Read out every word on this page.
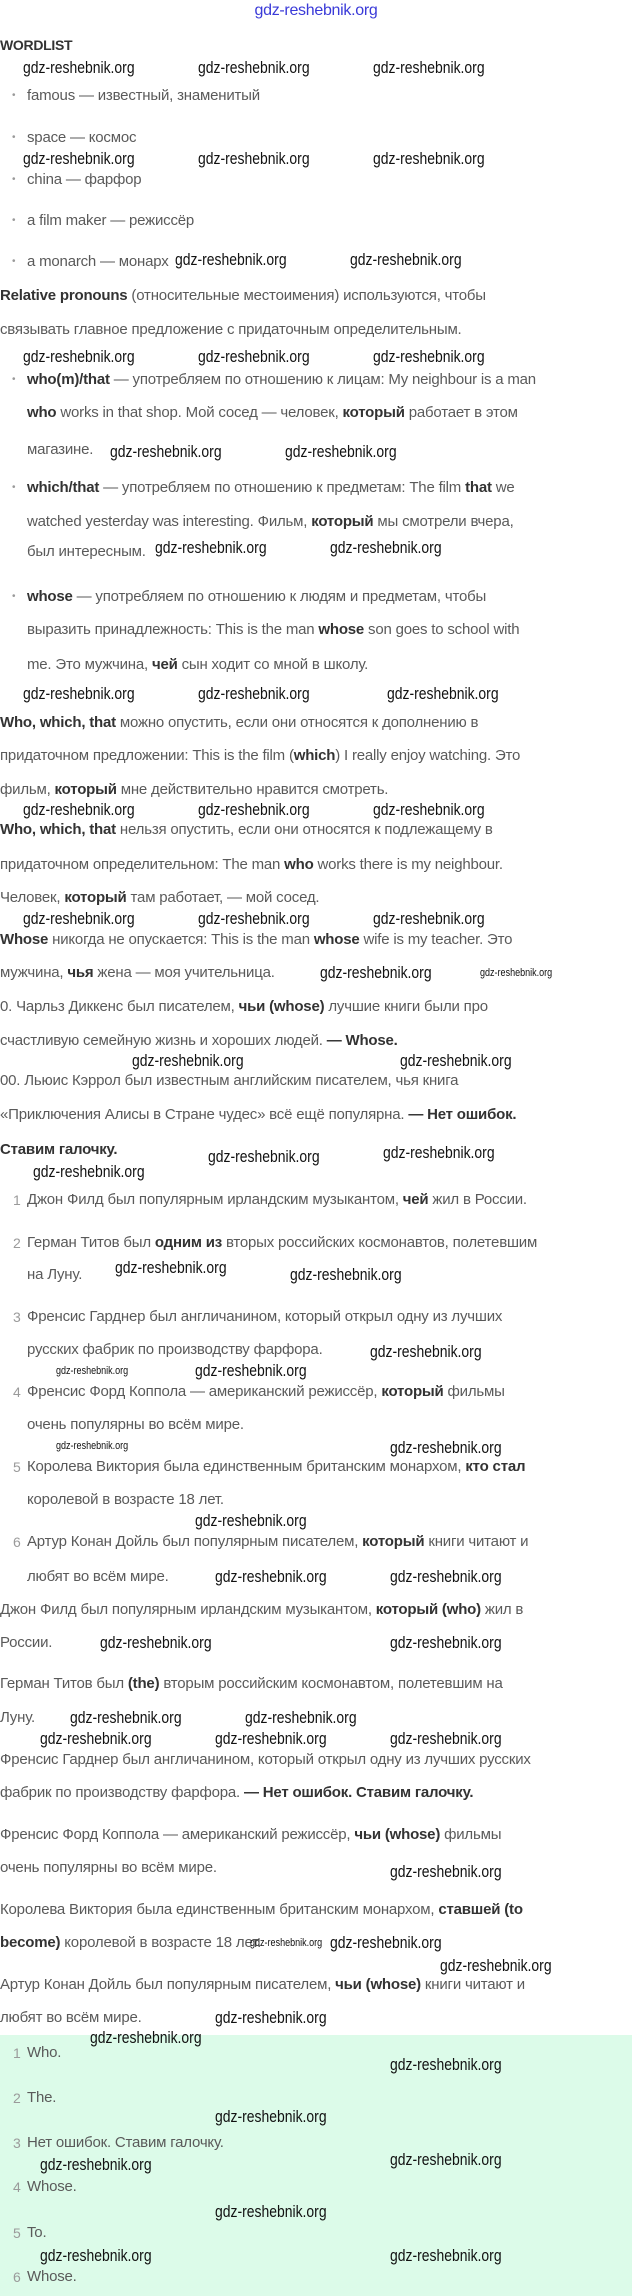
gdz-reshebnik.org
WORDLIST
• famous — известный, знаменитый
• space — космос
• china — фарфор
• a film maker — режиссёр
• a monarch — монарх
Relative pronouns (относительные местоимения) используются, чтобы
связывать главное предложение с придаточным определительным.
• who(m)/that — употребляем по отношению к лицам: My neighbour is a man
who works in that shop. Мой сосед — человек, который работает в этом
магазине.
• which/that — употребляем по отношению к предметам: The film that we
watched yesterday was interesting. Фильм, который мы смотрели вчера,
был интересным.
• whose — употребляем по отношению к людям и предметам, чтобы
выразить принадлежность: This is the man whose son goes to school with
me. Это мужчина, чей сын ходит со мной в школу.
Who, which, that можно опустить, если они относятся к дополнению в
придаточном предложении: This is the film (which) I really enjoy watching. Это
фильм, который мне действительно нравится смотреть.
Who, which, that нельзя опустить, если они относятся к подлежащему в
придаточном определительном: The man who works there is my neighbour.
Человек, который там работает, — мой сосед.
Whose никогда не опускается: This is the man whose wife is my teacher. Это
мужчина, чья жена — моя учительница.
0. Чарльз Диккенс был писателем, чьи (whose) лучшие книги были про
счастливую семейную жизнь и хороших людей. — Whose.
00. Льюис Кэррол был известным английским писателем, чья книга
«Приключения Алисы в Стране чудес» всё ещё популярна. — Нет ошибок.
Ставим галочку.
1 Джон Филд был популярным ирландским музыкантом, чей жил в России.
2 Герман Титов был одним из вторых российских космонавтов, полетевшим
на Луну.
3 Френсис Гарднер был англичанином, который открыл одну из лучших
русских фабрик по производству фарфора.
4 Френсис Форд Коппола — американский режиссёр, который фильмы
очень популярны во всём мире.
5 Королева Виктория была единственным британским монархом, кто стал
королевой в возрасте 18 лет.
6 Артур Конан Дойль был популярным писателем, который книги читают и
любят во всём мире.
Джон Филд был популярным ирландским музыкантом, который (who) жил в
России.
Герман Титов был (the) вторым российским космонавтом, полетевшим на
Луну.
Френсис Гарднер был англичанином, который открыл одну из лучших русских
фабрик по производству фарфора. — Нет ошибок. Ставим галочку.
Френсис Форд Коппола — американский режиссёр, чьи (whose) фильмы
очень популярны во всём мире.
Королева Виктория была единственным британским монархом, ставшей (to
become) королевой в возрасте 18 лет.
Артур Конан Дойль был популярным писателем, чьи (whose) книги читают и
любят во всём мире.
1 Who.
2 The.
3 Нет ошибок. Ставим галочку.
4 Whose.
5 To.
6 Whose.
gdz-reshebnik.org	gdz-reshebnik.org	gdz-reshebnik.org
gdz-reshebnik.org	gdz-reshebnik.org	gdz-reshebnik.org
gdz-reshebnik.org	gdz-reshebnik.org
gdz-reshebnik.org	gdz-reshebnik.org	gdz-reshebnik.org
gdz-reshebnik.org	gdz-reshebnik.org
gdz-reshebnik.org	gdz-reshebnik.org
gdz-reshebnik.org	gdz-reshebnik.org	gdz-reshebnik.org
gdz-reshebnik.org	gdz-reshebnik.org	gdz-reshebnik.org
gdz-reshebnik.org	gdz-reshebnik.org	gdz-reshebnik.org
gdz-reshebnik.org	gdz-reshebnik.org
gdz-reshebnik.org	gdz-reshebnik.org
gdz-reshebnik.org	gdz-reshebnik.org
gdz-reshebnik.org
gdz-reshebnik.org
gdz-reshebnik.org
gdz-reshebnik.org
gdz-reshebnik.org	gdz-reshebnik.org
gdz-reshebnik.org	gdz-reshebnik.org
gdz-reshebnik.org
gdz-reshebnik.org
gdz-reshebnik.org
gdz-reshebnik.org	gdz-reshebnik.org
gdz-reshebnik.org	gdz-reshebnik.org
gdz-reshebnik.org
gdz-reshebnik.org	gdz-reshebnik.org
gdz-reshebnik.org
gdz-reshebnik.org gdz-reshebnik.org
gdz-reshebnik.org
gdz-reshebnik.org
gdz-reshebnik.org
gdz-reshebnik.org
gdz-reshebnik.org
gdz-reshebnik.org	gdz-reshebnik.org
gdz-reshebnik.org
gdz-reshebnik.org	gdz-reshebnik.org
